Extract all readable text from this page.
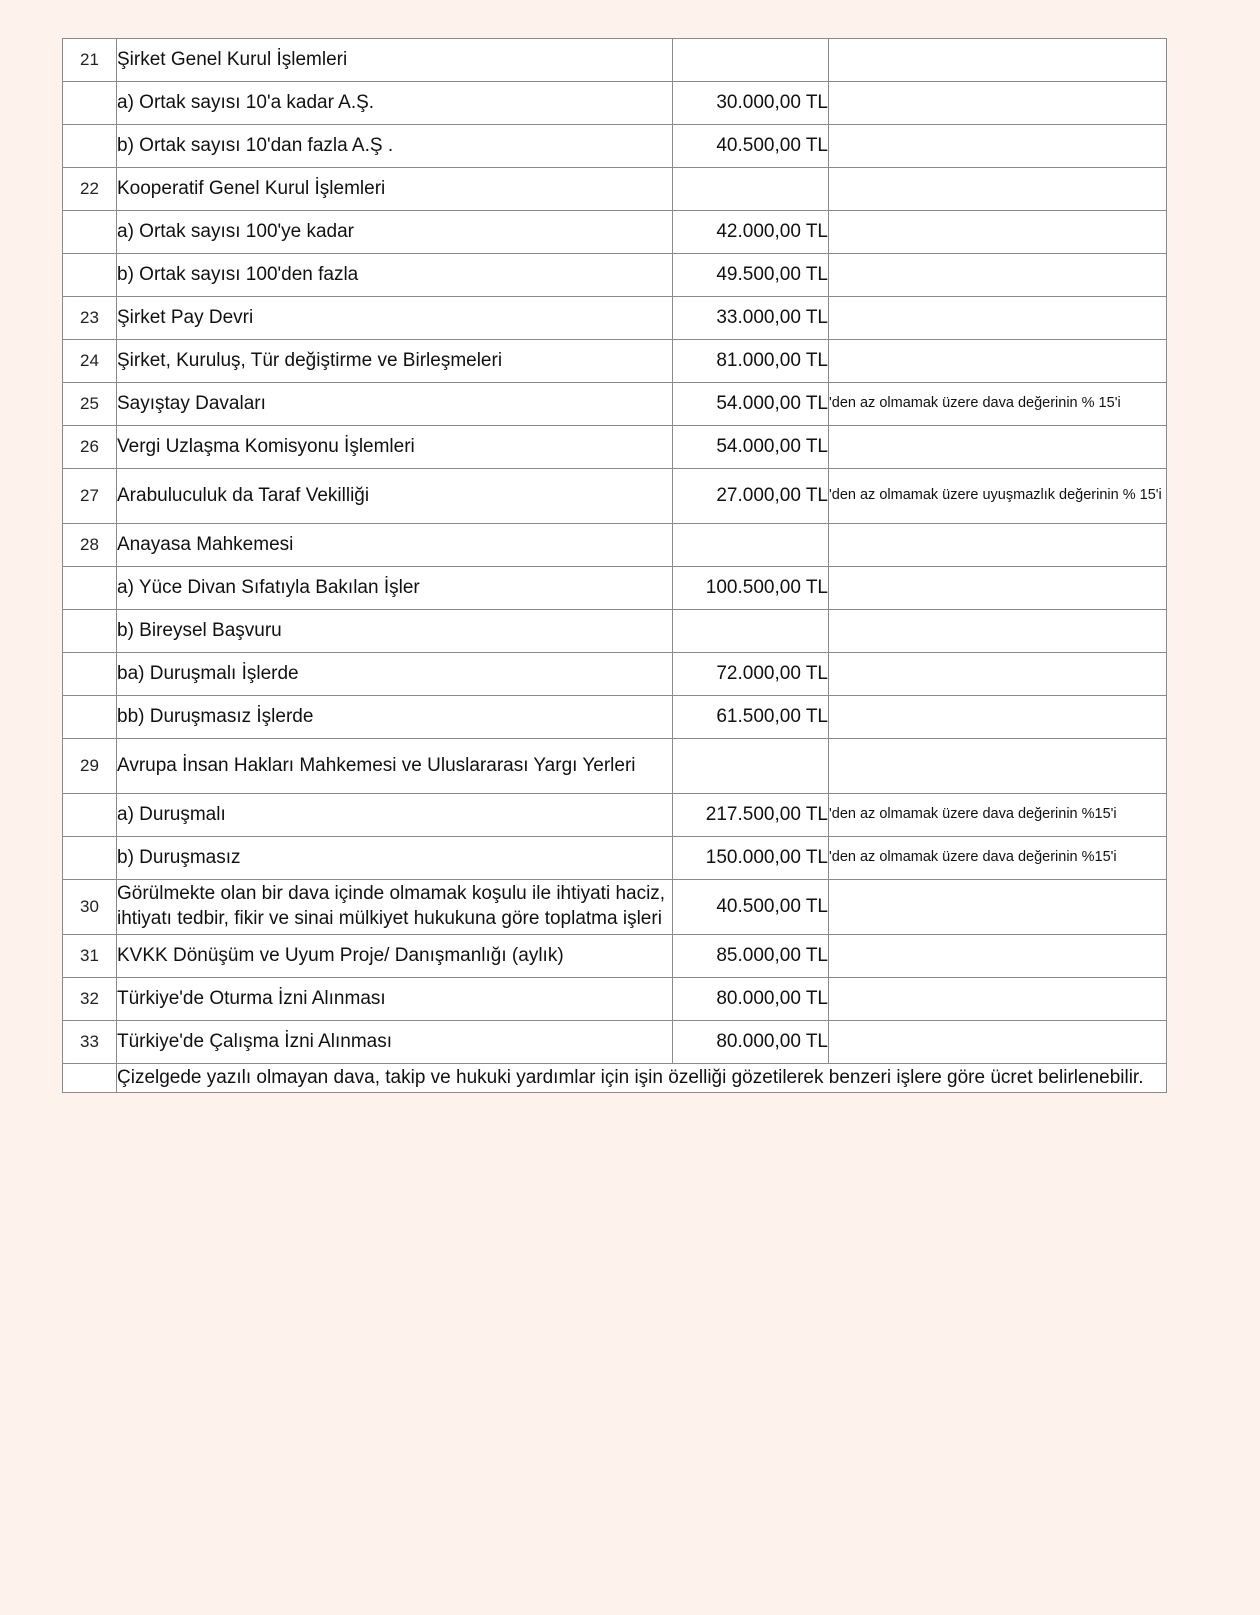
21	Şirket Genel Kurul İşlemleri		
	a) Ortak sayısı 10'a kadar A.Ş.	30.000,00 TL	
	b) Ortak sayısı 10'dan fazla A.Ş .	40.500,00 TL	
22	Kooperatif Genel Kurul İşlemleri		
	a) Ortak sayısı 100'ye kadar	42.000,00 TL	
	b) Ortak sayısı 100'den fazla	49.500,00 TL	
23	Şirket Pay Devri	33.000,00 TL	
24	Şirket, Kuruluş, Tür değiştirme ve Birleşmeleri	81.000,00 TL	
25	Sayıştay Davaları	54.000,00 TL	'den az olmamak üzere dava değerinin % 15'i
26	Vergi Uzlaşma Komisyonu İşlemleri	54.000,00 TL	
27	Arabuluculuk da Taraf Vekilliği	27.000,00 TL	'den az olmamak üzere uyuşmazlık değerinin % 15'i
28	Anayasa Mahkemesi		
	a) Yüce Divan Sıfatıyla Bakılan İşler	100.500,00 TL	
	b) Bireysel Başvuru		
	ba) Duruşmalı İşlerde	72.000,00 TL	
	bb) Duruşmasız İşlerde	61.500,00 TL	
29	Avrupa İnsan Hakları Mahkemesi ve Uluslararası Yargı Yerleri		
	a) Duruşmalı	217.500,00 TL	'den az olmamak üzere dava değerinin %15'i
	b) Duruşmasız	150.000,00 TL	'den az olmamak üzere dava değerinin %15'i
30	Görülmekte olan bir dava içinde olmamak koşulu ile ihtiyati haciz, ihtiyatı tedbir, fikir ve sinai mülkiyet hukukuna göre toplatma işleri	40.500,00 TL	
31	KVKK Dönüşüm ve Uyum Proje/ Danışmanlığı (aylık)	85.000,00 TL	
32	Türkiye'de Oturma İzni Alınması	80.000,00 TL	
33	Türkiye'de Çalışma İzni Alınması	80.000,00 TL	
	Çizelgede yazılı olmayan dava, takip ve hukuki yardımlar için işin özelliği gözetilerek benzeri işlere göre ücret belirlenebilir.		
